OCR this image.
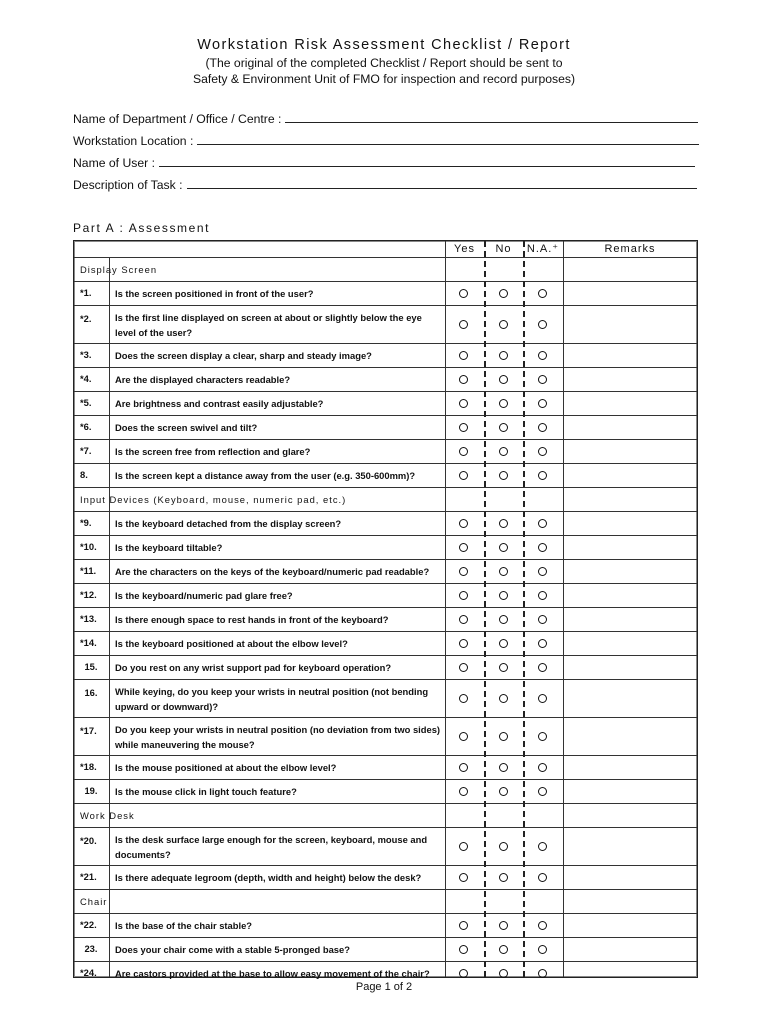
Workstation Risk Assessment Checklist / Report
(The original of the completed Checklist / Report should be sent to
Safety & Environment Unit of FMO for inspection and record purposes)
Name of Department / Office / Centre :
Workstation Location :
Name of User :
Description of Task :
Part A : Assessment
Yes	No	N.A.⁺	Remarks
Display Screen
*1.	Is the screen positioned in front of the user?
*2.	Is the first line displayed on screen at about or slightly below the eye level of the user?
*3.	Does the screen display a clear, sharp and steady image?
*4.	Are the displayed characters readable?
*5.	Are brightness and contrast easily adjustable?
*6.	Does the screen swivel and tilt?
*7.	Is the screen free from reflection and glare?
8.	Is the screen kept a distance away from the user (e.g. 350-600mm)?
Input Devices (Keyboard, mouse, numeric pad, etc.)
*9.	Is the keyboard detached from the display screen?
*10. Is the keyboard tiltable?
*11. Are the characters on the keys of the keyboard/numeric pad readable?
*12. Is the keyboard/numeric pad glare free?
*13. Is there enough space to rest hands in front of the keyboard?
*14. Is the keyboard positioned at about the elbow level?
15.	Do you rest on any wrist support pad for keyboard operation?
16.	While keying, do you keep your wrists in neutral position (not bending upward or downward)?
*17. Do you keep your wrists in neutral position (no deviation from two sides) while maneuvering the mouse?
*18. Is the mouse positioned at about the elbow level?
19.	Is the mouse click in light touch feature?
Work Desk
*20. Is the desk surface large enough for the screen, keyboard, mouse and documents?
*21. Is there adequate legroom (depth, width and height) below the desk?
Chair
*22. Is the base of the chair stable?
23.	Does your chair come with a stable 5-pronged base?
*24. Are castors provided at the base to allow easy movement of the chair?
Page 1 of 2
